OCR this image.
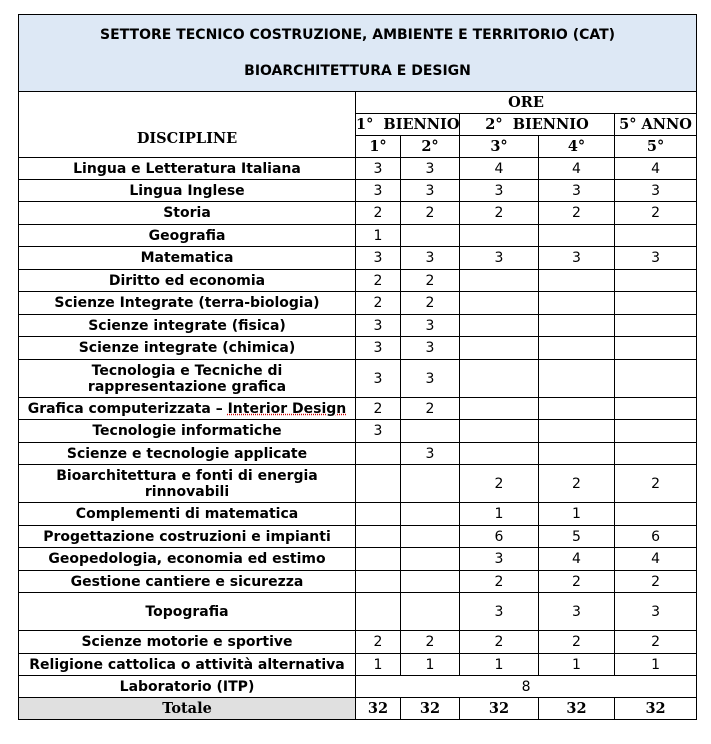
SETTORE TECNICO COSTRUZIONE, AMBIENTE E TERRITORIO (CAT)
BIOARCHITETTURA E DESIGN					

DISCIPLINE	ORE				
	1°  BIENNIO		2°  BIENNIO		5° ANNO
	1°	2°	3°	4°	5°
Lingua e Letteratura Italiana	3	3	4	4	4
Lingua Inglese	3	3	3	3	3
Storia	2	2	2	2	2
Geografia	1				
Matematica	3	3	3	3	3
Diritto ed economia	2	2			
Scienze Integrate (terra-biologia)	2	2			
Scienze integrate (fisica)	3	3			
Scienze integrate (chimica)	3	3			
Tecnologia e Tecniche di
rappresentazione grafica	3	3			
Grafica computerizzata – Interior Design	2	2			
Tecnologie informatiche	3				
Scienze e tecnologie applicate		3			
Bioarchitettura e fonti di energia
rinnovabili			2	2	2
Complementi di matematica			1	1	
Progettazione costruzioni e impianti			6	5	6
Geopedologia, economia ed estimo			3	4	4
Gestione cantiere e sicurezza			2	2	2
Topografia			3	3	3
Scienze motorie e sportive	2	2	2	2	2
Religione cattolica o attività alternativa	1	1	1	1	1
Laboratorio (ITP)	8				
Totale	32	32	32	32	32
